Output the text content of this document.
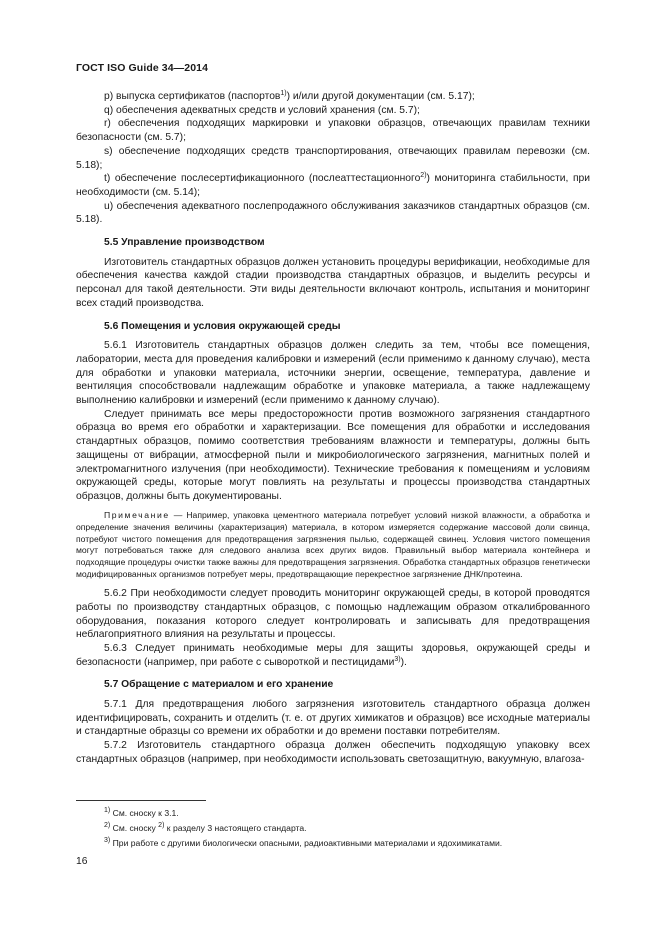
ГОСТ ISO Guide 34—2014

p) выпуска сертификатов (паспортов$^{1)}$) и/или другой документации (см. 5.17);

q) обеспечения адекватных средств и условий хранения (см. 5.7);

r) обеспечения подходящих маркировки и упаковки образцов, отвечающих правилам техники безопасности (см. 5.7);

s) обеспечение подходящих средств транспортирования, отвечающих правилам перевозки (см. 5.18);

t) обеспечение послесертификационного (послеаттестационного$^{2)}$) мониторинга стабильности, при необходимости (см. 5.14);

u) обеспечения адекватного послепродажного обслуживания заказчиков стандартных образцов (см. 5.18).

5.5 Управление производством

Изготовитель стандартных образцов должен установить процедуры верификации, необходимые для обеспечения качества каждой стадии производства стандартных образцов, и выделить ресурсы и персонал для такой деятельности. Эти виды деятельности включают контроль, испытания и мониторинг всех стадий производства.

5.6 Помещения и условия окружающей среды

5.6.1 Изготовитель стандартных образцов должен следить за тем, чтобы все помещения, лаборатории, места для проведения калибровки и измерений (если применимо к данному случаю), места для обработки и упаковки материала, источники энергии, освещение, температура, давление и вентиляция способствовали надлежащим обработке и упаковке материала, а также надлежащему выполнению калибровки и измерений (если применимо к данному случаю).

Следует принимать все меры предосторожности против возможного загрязнения стандартного образца во время его обработки и характеризации. Все помещения для обработки и исследования стандартных образцов, помимо соответствия требованиям влажности и температуры, должны быть защищены от вибрации, атмосферной пыли и микробиологического загрязнения, магнитных полей и электромагнитного излучения (при необходимости). Технические требования к помещениям и условиям окружающей среды, которые могут повлиять на результаты и процессы производства стандартных образцов, должны быть документированы.

Примечание — Например, упаковка цементного материала потребует условий низкой влажности, а обработка и определение значения величины (характеризация) материала, в котором измеряется содержание массовой доли свинца, потребуют чистого помещения для предотвращения загрязнения пылью, содержащей свинец. Условия чистого помещения могут потребоваться также для следового анализа всех других видов. Правильный выбор материала контейнера и подходящие процедуры очистки также важны для предотвращения загрязнения. Обработка стандартных образцов генетически модифицированных организмов потребует меры, предотвращающие перекрестное загрязнение ДНК/протеина.

5.6.2 При необходимости следует проводить мониторинг окружающей среды, в которой проводятся работы по производству стандартных образцов, с помощью надлежащим образом откалиброванного оборудования, показания которого следует контролировать и записывать для предотвращения неблагоприятного влияния на результаты и процессы.

5.6.3 Следует принимать необходимые меры для защиты здоровья, окружающей среды и безопасности (например, при работе с сывороткой и пестицидами$^{3)}$).

5.7 Обращение с материалом и его хранение

5.7.1 Для предотвращения любого загрязнения изготовитель стандартного образца должен идентифицировать, сохранить и отделить (т. е. от других химикатов и образцов) все исходные материалы и стандартные образцы со времени их обработки и до времени поставки потребителям.

5.7.2 Изготовитель стандартного образца должен обеспечить подходящую упаковку всех стандартных образцов (например, при необходимости использовать светозащитную, вакуумную, влагоза-

$^{1)}$ См. сноску к 3.1.
$^{2)}$ См. сноску $^{2)}$ к разделу 3 настоящего стандарта.
$^{3)}$ При работе с другими биологически опасными, радиоактивными материалами и ядохимикатами.
16
